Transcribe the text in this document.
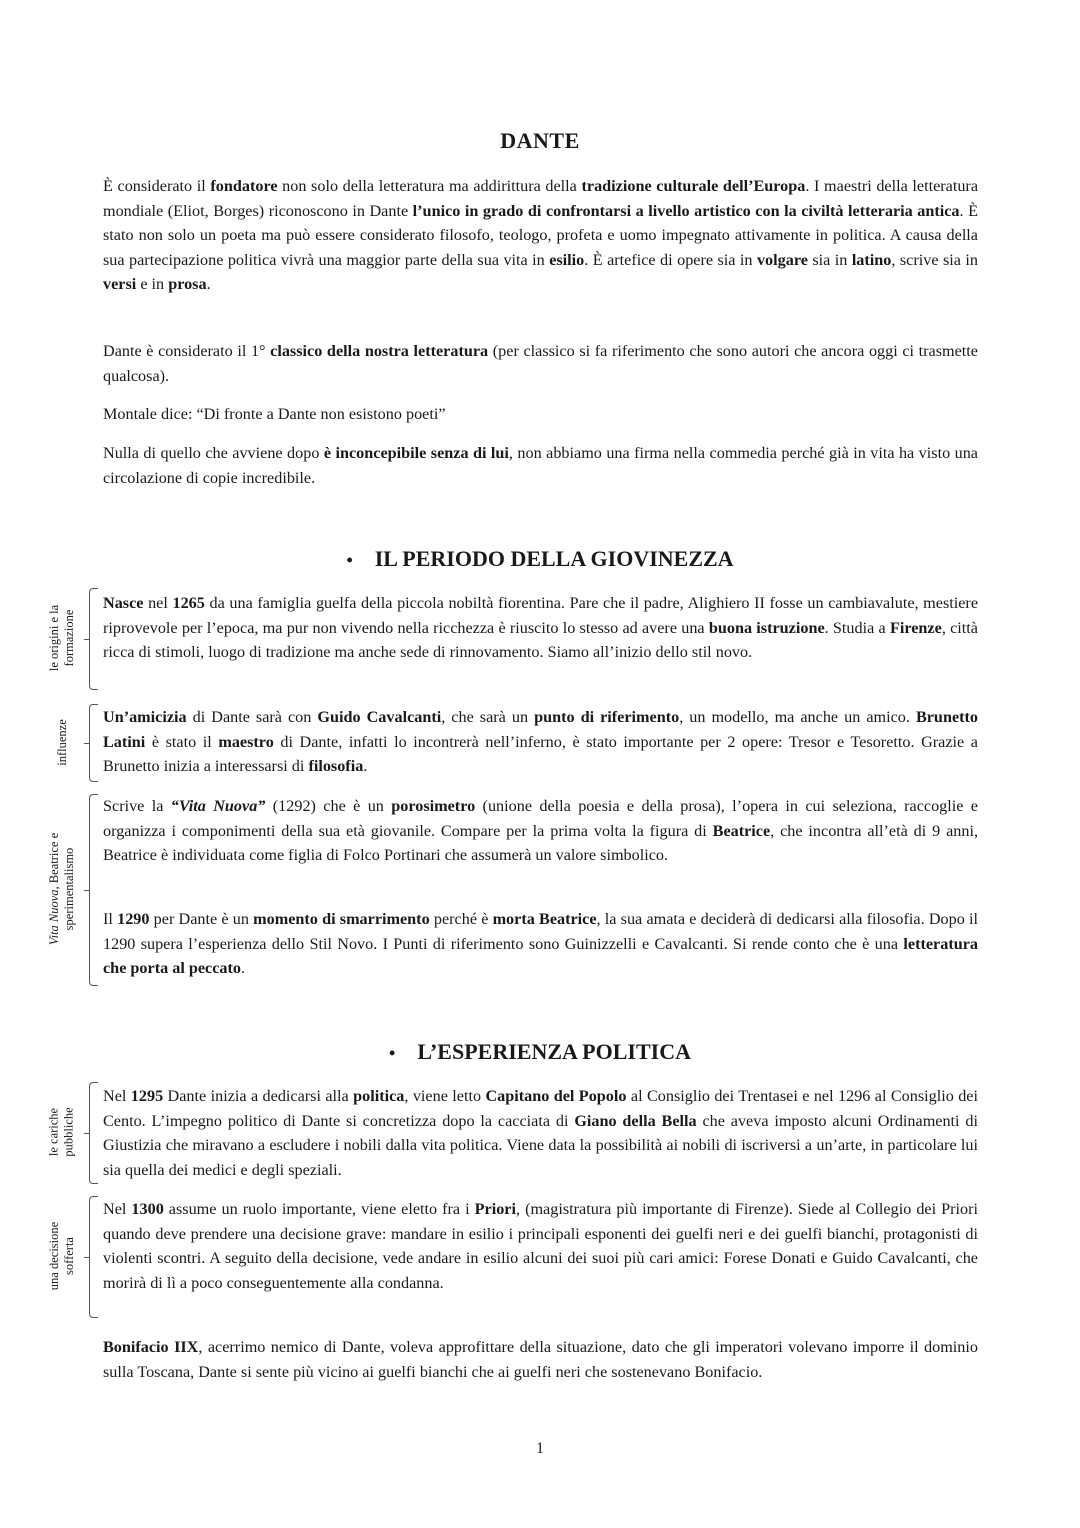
DANTE

È considerato il fondatore non solo della letteratura ma addirittura della tradizione culturale dell’Europa. I maestri della letteratura mondiale (Eliot, Borges) riconoscono in Dante l’unico in grado di confrontarsi a livello artistico con la civiltà letteraria antica. È stato non solo un poeta ma può essere considerato filosofo, teologo, profeta e uomo impegnato attivamente in politica. A causa della sua partecipazione politica vivrà una maggior parte della sua vita in esilio. È artefice di opere sia in volgare sia in latino, scrive sia in versi e in prosa.

Dante è considerato il 1° classico della nostra letteratura (per classico si fa riferimento che sono autori che ancora oggi ci trasmette qualcosa).

Montale dice: “Di fronte a Dante non esistono poeti”

Nulla di quello che avviene dopo è inconcepibile senza di lui, non abbiamo una firma nella commedia perché già in vita ha visto una circolazione di copie incredibile.

• IL PERIODO DELLA GIOVINEZZA
le origini e la formazione

Nasce nel 1265 da una famiglia guelfa della piccola nobiltà fiorentina. Pare che il padre, Alighiero II fosse un cambiavalute, mestiere riprovevole per l’epoca, ma pur non vivendo nella ricchezza è riuscito lo stesso ad avere una buona istruzione. Studia a Firenze, città ricca di stimoli, luogo di tradizione ma anche sede di rinnovamento. Siamo all’inizio dello stil novo.

influenze

Un’amicizia di Dante sarà con Guido Cavalcanti, che sarà un punto di riferimento, un modello, ma anche un amico. Brunetto Latini è stato il maestro di Dante, infatti lo incontrerà nell’inferno, è stato importante per 2 opere: Tresor e Tesoretto. Grazie a Brunetto inizia a interessarsi di filosofia.

Vita Nuova, Beatrice e sperimentalismo

Scrive la “Vita Nuova” (1292) che è un porosimetro (unione della poesia e della prosa), l’opera in cui seleziona, raccoglie e organizza i componimenti della sua età giovanile. Compare per la prima volta la figura di Beatrice, che incontra all’età di 9 anni, Beatrice è individuata come figlia di Folco Portinari che assumerà un valore simbolico.

Il 1290 per Dante è un momento di smarrimento perché è morta Beatrice, la sua amata e deciderà di dedicarsi alla filosofia. Dopo il 1290 supera l’esperienza dello Stil Novo. I Punti di riferimento sono Guinizzelli e Cavalcanti. Si rende conto che è una letteratura che porta al peccato.

• L’ESPERIENZA POLITICA
le cariche pubbliche

Nel 1295 Dante inizia a dedicarsi alla politica, viene letto Capitano del Popolo al Consiglio dei Trentasei e nel 1296 al Consiglio dei Cento. L’impegno politico di Dante si concretizza dopo la cacciata di Giano della Bella che aveva imposto alcuni Ordinamenti di Giustizia che miravano a escludere i nobili dalla vita politica. Viene data la possibilità ai nobili di iscriversi a un’arte, in particolare lui sia quella dei medici e degli speziali.

una decisione sofferta

Nel 1300 assume un ruolo importante, viene eletto fra i Priori, (magistratura più importante di Firenze). Siede al Collegio dei Priori quando deve prendere una decisione grave: mandare in esilio i principali esponenti dei guelfi neri e dei guelfi bianchi, protagonisti di violenti scontri. A seguito della decisione, vede andare in esilio alcuni dei suoi più cari amici: Forese Donati e Guido Cavalcanti, che morirà di lì a poco conseguentemente alla condanna.

Bonifacio IIX, acerrimo nemico di Dante, voleva approfittare della situazione, dato che gli imperatori volevano imporre il dominio sulla Toscana, Dante si sente più vicino ai guelfi bianchi che ai guelfi neri che sostenevano Bonifacio.

1
